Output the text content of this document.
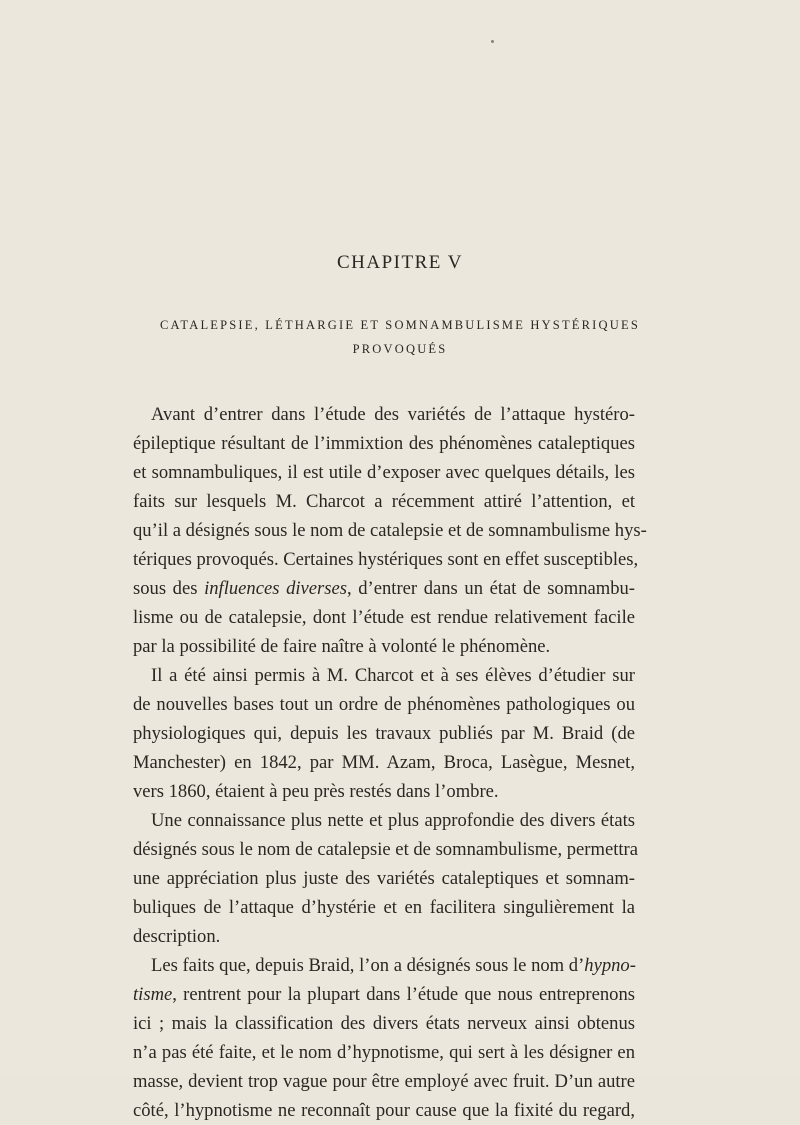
CHAPITRE V
CATALEPSIE, LÉTHARGIE ET SOMNAMBULISME HYSTÉRIQUES
PROVOQUÉS
Avant d’entrer dans l’étude des variétés de l’attaque hystéro-
épileptique résultant de l’immixtion des phénomènes cataleptiques
et somnambuliques, il est utile d’exposer avec quelques détails, les
faits sur lesquels M. Charcot a récemment attiré l’attention, et
qu’il a désignés sous le nom de catalepsie et de somnambulisme hys-
tériques provoqués. Certaines hystériques sont en effet susceptibles,
sous des influences diverses, d’entrer dans un état de somnambu-
lisme ou de catalepsie, dont l’étude est rendue relativement facile
par la possibilité de faire naître à volonté le phénomène.
Il a été ainsi permis à M. Charcot et à ses élèves d’étudier sur
de nouvelles bases tout un ordre de phénomènes pathologiques ou
physiologiques qui, depuis les travaux publiés par M. Braid (de
Manchester) en 1842, par MM. Azam, Broca, Lasègue, Mesnet,
vers 1860, étaient à peu près restés dans l’ombre.
Une connaissance plus nette et plus approfondie des divers états
désignés sous le nom de catalepsie et de somnambulisme, permettra
une appréciation plus juste des variétés cataleptiques et somnam-
buliques de l’attaque d’hystérie et en facilitera singulièrement la
description.
Les faits que, depuis Braid, l’on a désignés sous le nom d’hypno-
tisme, rentrent pour la plupart dans l’étude que nous entreprenons
ici ; mais la classification des divers états nerveux ainsi obtenus
n’a pas été faite, et le nom d’hypnotisme, qui sert à les désigner en
masse, devient trop vague pour être employé avec fruit. D’un autre
côté, l’hypnotisme ne reconnaît pour cause que la fixité du regard,
